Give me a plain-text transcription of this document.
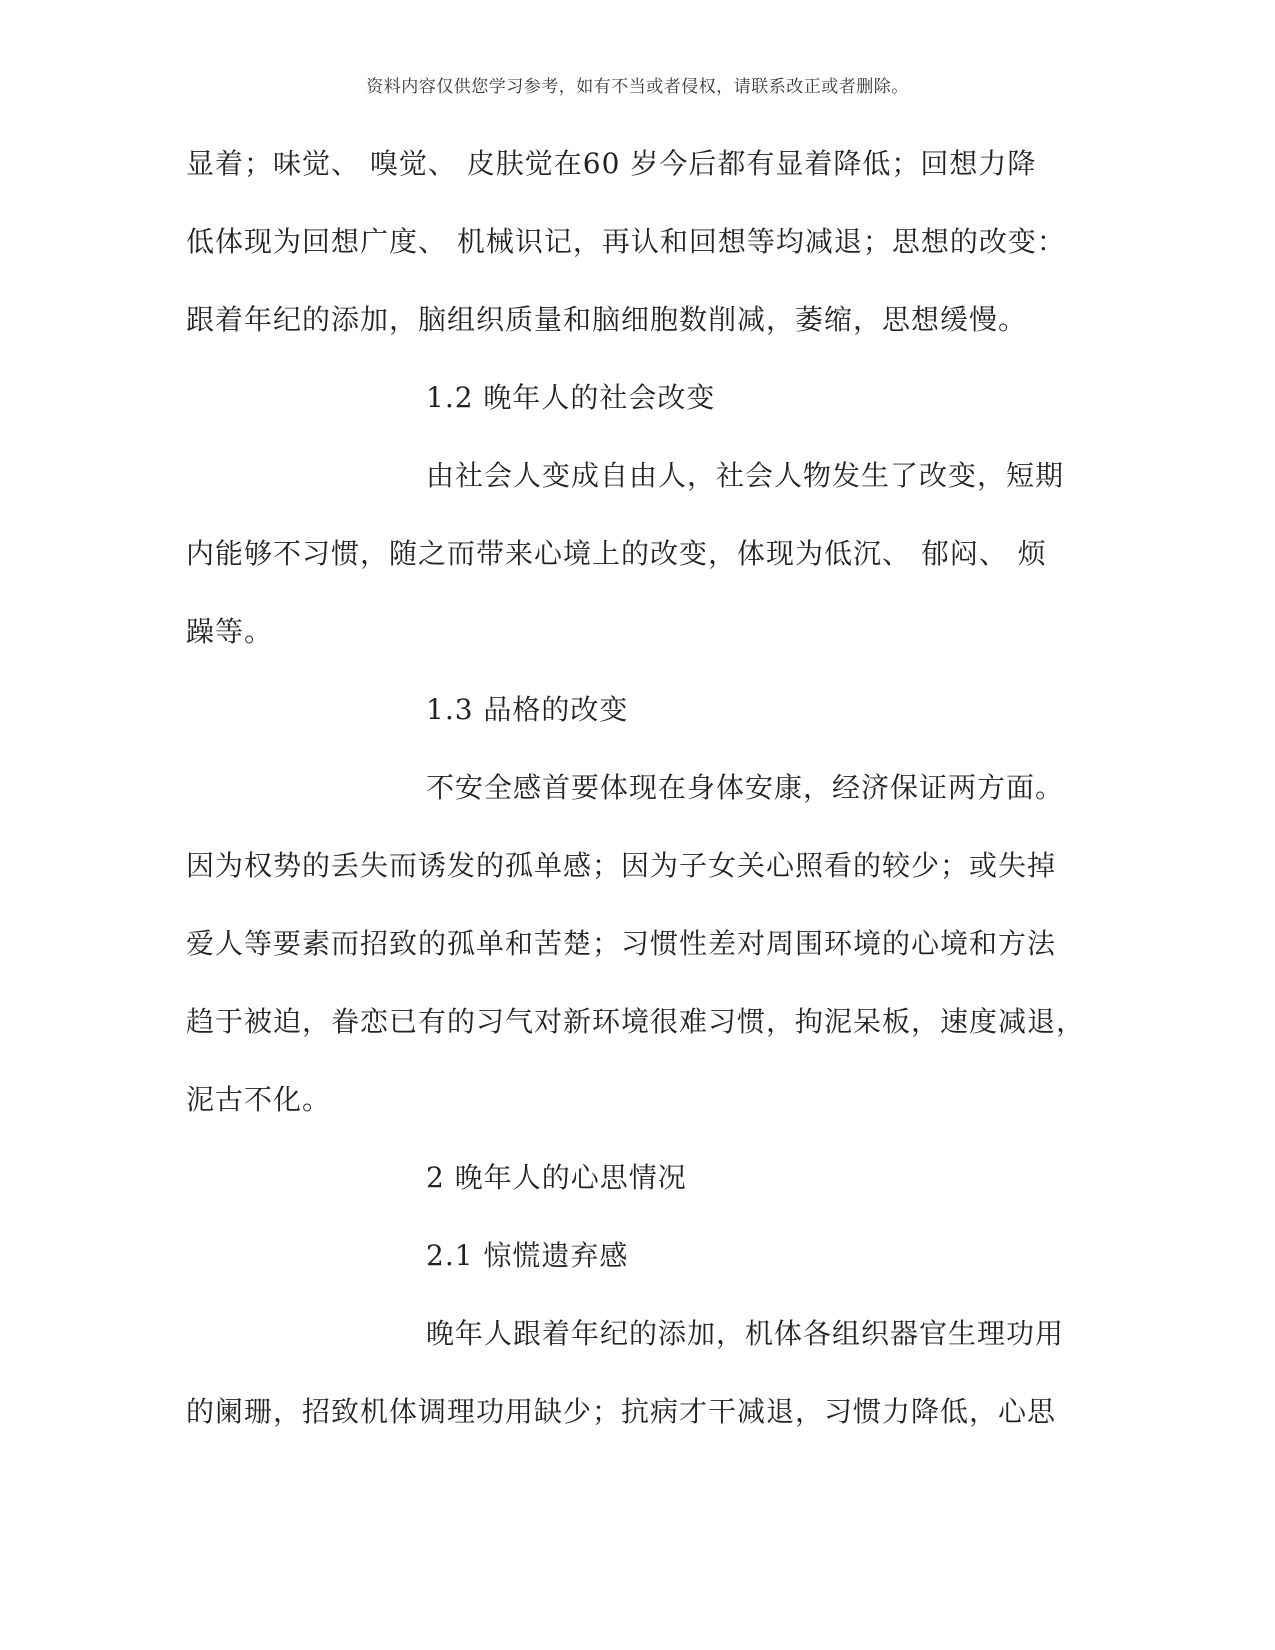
资料内容仅供您学习参考，如有不当或者侵权，请联系改正或者删除。
显着；味觉、 嗅觉、 皮肤觉在60 岁今后都有显着降低；回想力降
低体现为回想广度、 机械识记，再认和回想等均减退；思想的改变：
跟着年纪的添加，脑组织质量和脑细胞数削减，萎缩，思想缓慢。
1.2 晚年人的社会改变
由社会人变成自由人，社会人物发生了改变，短期
内能够不习惯，随之而带来心境上的改变，体现为低沉、 郁闷、 烦
躁等。
1.3 品格的改变
不安全感首要体现在身体安康，经济保证两方面。
因为权势的丢失而诱发的孤单感；因为子女关心照看的较少；或失掉
爱人等要素而招致的孤单和苦楚；习惯性差对周围环境的心境和方法
趋于被迫，眷恋已有的习气对新环境很难习惯，拘泥呆板，速度减退，
泥古不化。
2 晚年人的心思情况
2.1 惊慌遗弃感
晚年人跟着年纪的添加，机体各组织器官生理功用
的阑珊，招致机体调理功用缺少；抗病才干减退，习惯力降低，心思
